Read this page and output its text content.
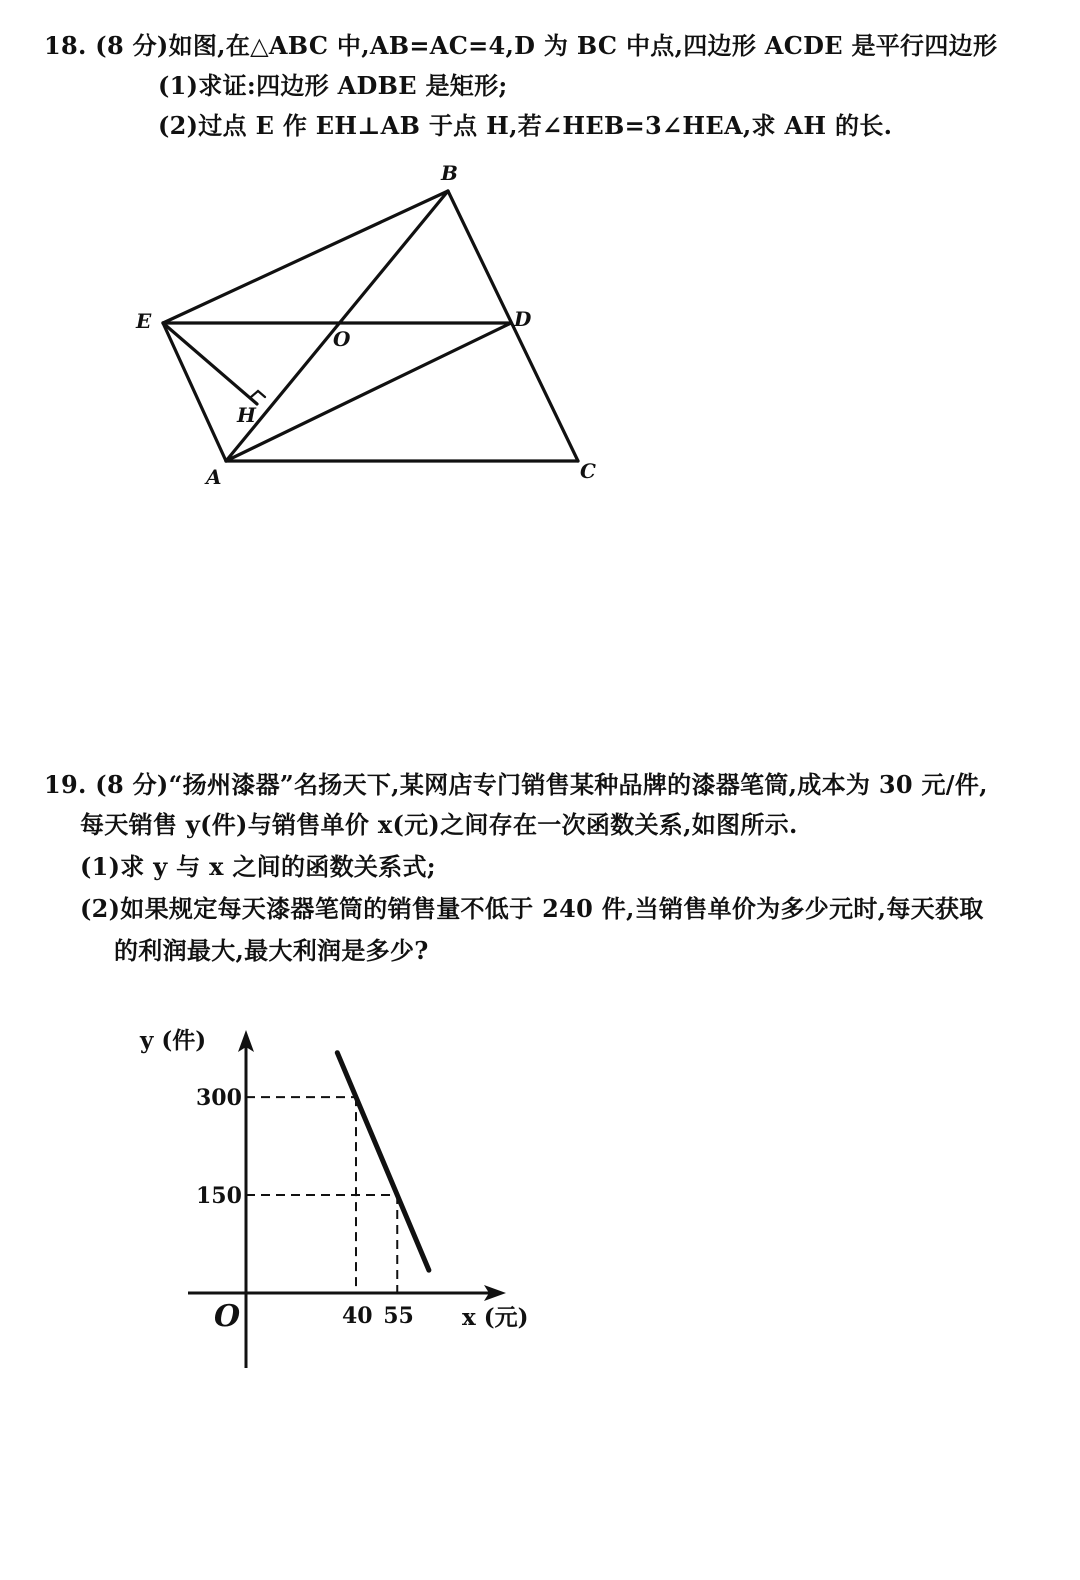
18. (8 分)如图,在△ABC 中,AB=AC=4,D 为 BC 中点,四边形 ACDE 是平行四边形
(1)求证:四边形 ADBE 是矩形;
(2)过点 E 作 EH⊥AB 于点 H,若∠HEB=3∠HEA,求 AH 的长.
B
E	D
O
H
A	C
19. (8 分)“扬州漆器”名扬天下,某网店专门销售某种品牌的漆器笔筒,成本为 30 元/件,
每天销售 y(件)与销售单价 x(元)之间存在一次函数关系,如图所示.
(1)求 y 与 x 之间的函数关系式;
(2)如果规定每天漆器笔筒的销售量不低于 240 件,当销售单价为多少元时,每天获取
的利润最大,最大利润是多少?
40
300
55
150
O
y (件)
x (元)
